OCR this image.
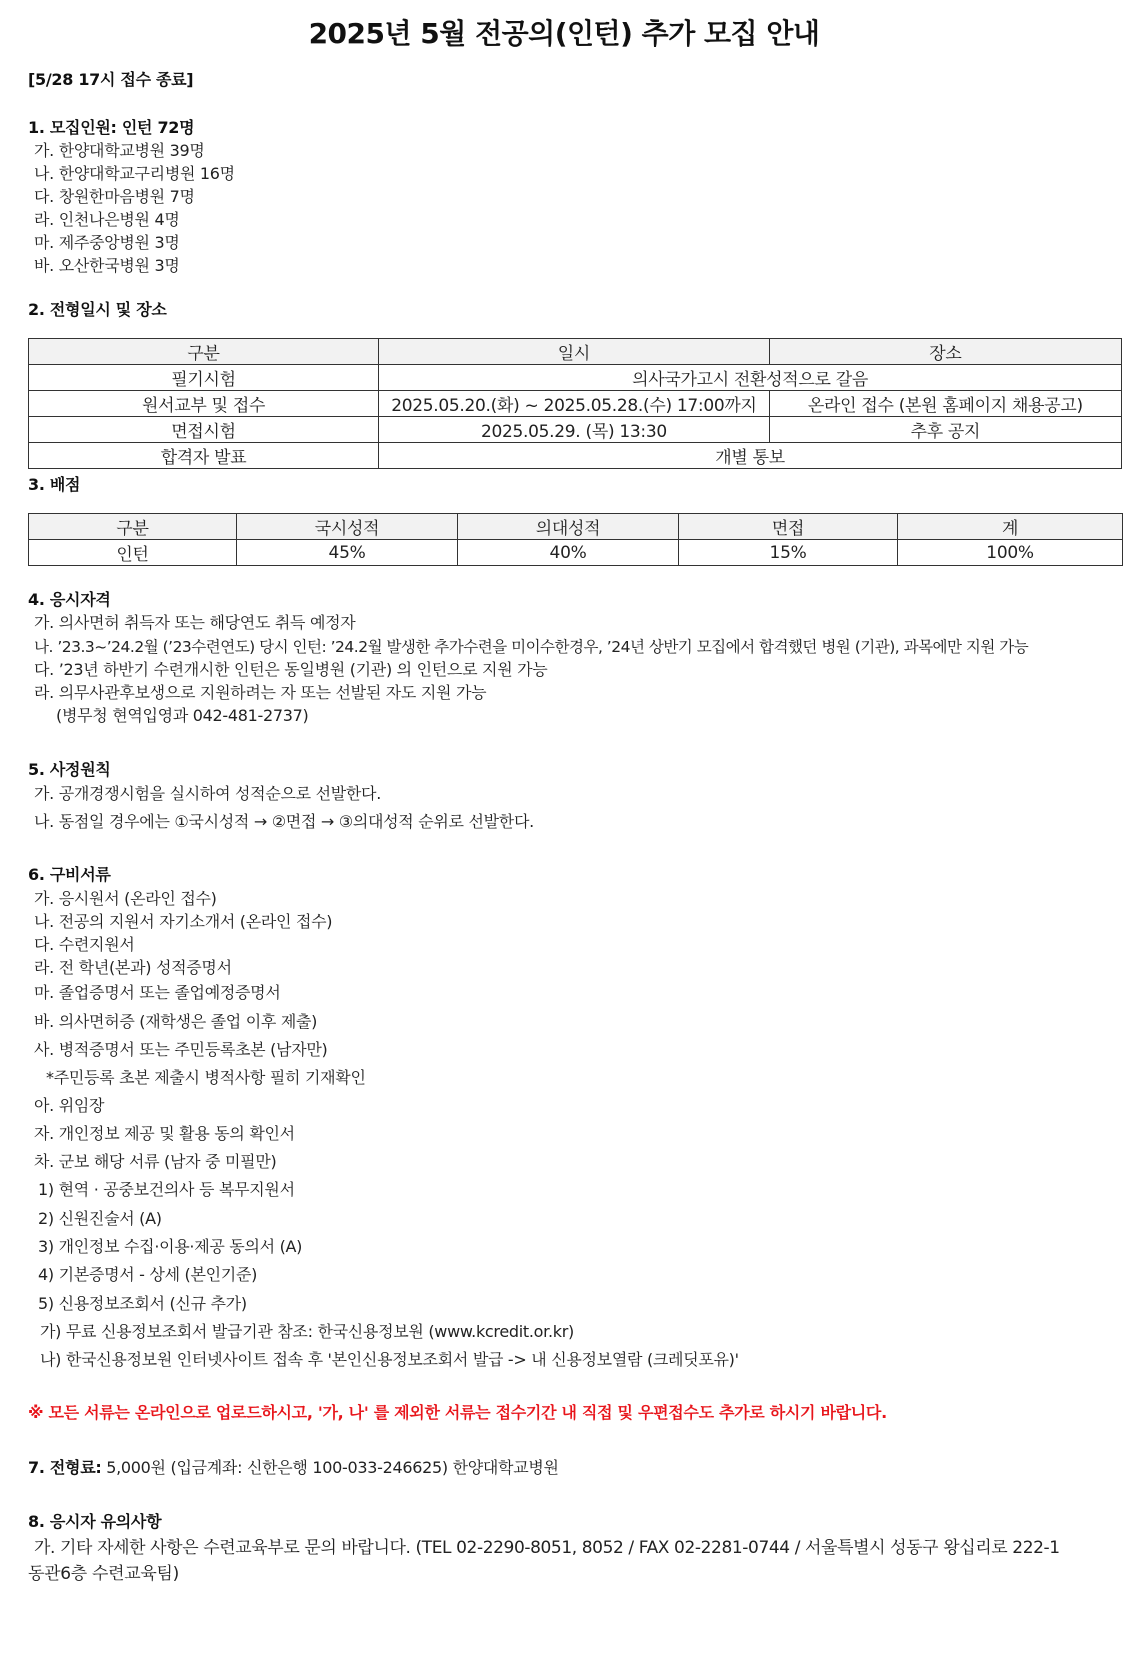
2025년 5월 전공의(인턴) 추가 모집 안내
[5/28 17시 접수 종료]
1. 모집인원: 인턴 72명
가. 한양대학교병원 39명
나. 한양대학교구리병원 16명
다. 창원한마음병원 7명
라. 인천나은병원 4명
마. 제주중앙병원 3명
바. 오산한국병원 3명
2. 전형일시 및 장소
구분	일시	장소
필기시험	의사국가고시 전환성적으로 갈음	
원서교부 및 접수	2025.05.20.(화) ~ 2025.05.28.(수) 17:00까지	온라인 접수 (본원 홈페이지 채용공고)
면접시험	2025.05.29. (목) 13:30	추후 공지
합격자 발표	개별 통보	
3. 배점
구분	국시성적	의대성적	면접	계
인턴	45%	40%	15%	100%
4. 응시자격
가. 의사면허 취득자 또는 해당연도 취득 예정자
나. ’23.3~’24.2월 (’23수련연도) 당시 인턴: ’24.2월 발생한 추가수련을 미이수한경우, ’24년 상반기 모집에서 합격했던 병원 (기관), 과목에만 지원 가능
다. ’23년 하반기 수련개시한 인턴은 동일병원 (기관) 의 인턴으로 지원 가능
라. 의무사관후보생으로 지원하려는 자 또는 선발된 자도 지원 가능
(병무청 현역입영과 042-481-2737)
5. 사정원칙
가. 공개경쟁시험을 실시하여 성적순으로 선발한다.
나. 동점일 경우에는 ①국시성적 → ②면접 → ③의대성적 순위로 선발한다.
6. 구비서류
가. 응시원서 (온라인 접수)
나. 전공의 지원서 자기소개서 (온라인 접수)
다. 수련지원서
라. 전 학년(본과) 성적증명서
마. 졸업증명서 또는 졸업예정증명서
바. 의사면허증 (재학생은 졸업 이후 제출)
사. 병적증명서 또는 주민등록초본 (남자만)
*주민등록 초본 제출시 병적사항 필히 기재확인
아. 위임장
자. 개인정보 제공 및 활용 동의 확인서
차. 군보 해당 서류 (남자 중 미필만)
1) 현역 · 공중보건의사 등 복무지원서
2) 신원진술서 (A)
3) 개인정보 수집·이용·제공 동의서 (A)
4) 기본증명서 - 상세 (본인기준)
5) 신용정보조회서 (신규 추가)
가) 무료 신용정보조회서 발급기관 참조: 한국신용정보원 (www.kcredit.or.kr)
나) 한국신용정보원 인터넷사이트 접속 후 '본인신용정보조회서 발급 -> 내 신용정보열람 (크레딧포유)'
※ 모든 서류는 온라인으로 업로드하시고, '가, 나' 를 제외한 서류는 접수기간 내 직접 및 우편접수도 추가로 하시기 바랍니다.
7. 전형료: 5,000원 (입금계좌: 신한은행 100-033-246625) 한양대학교병원
8. 응시자 유의사항
가. 기타 자세한 사항은 수련교육부로 문의 바랍니다. (TEL 02-2290-8051, 8052 / FAX 02-2281-0744 / 서울특별시 성동구 왕십리로 222-1
동관6층 수련교육팀)
